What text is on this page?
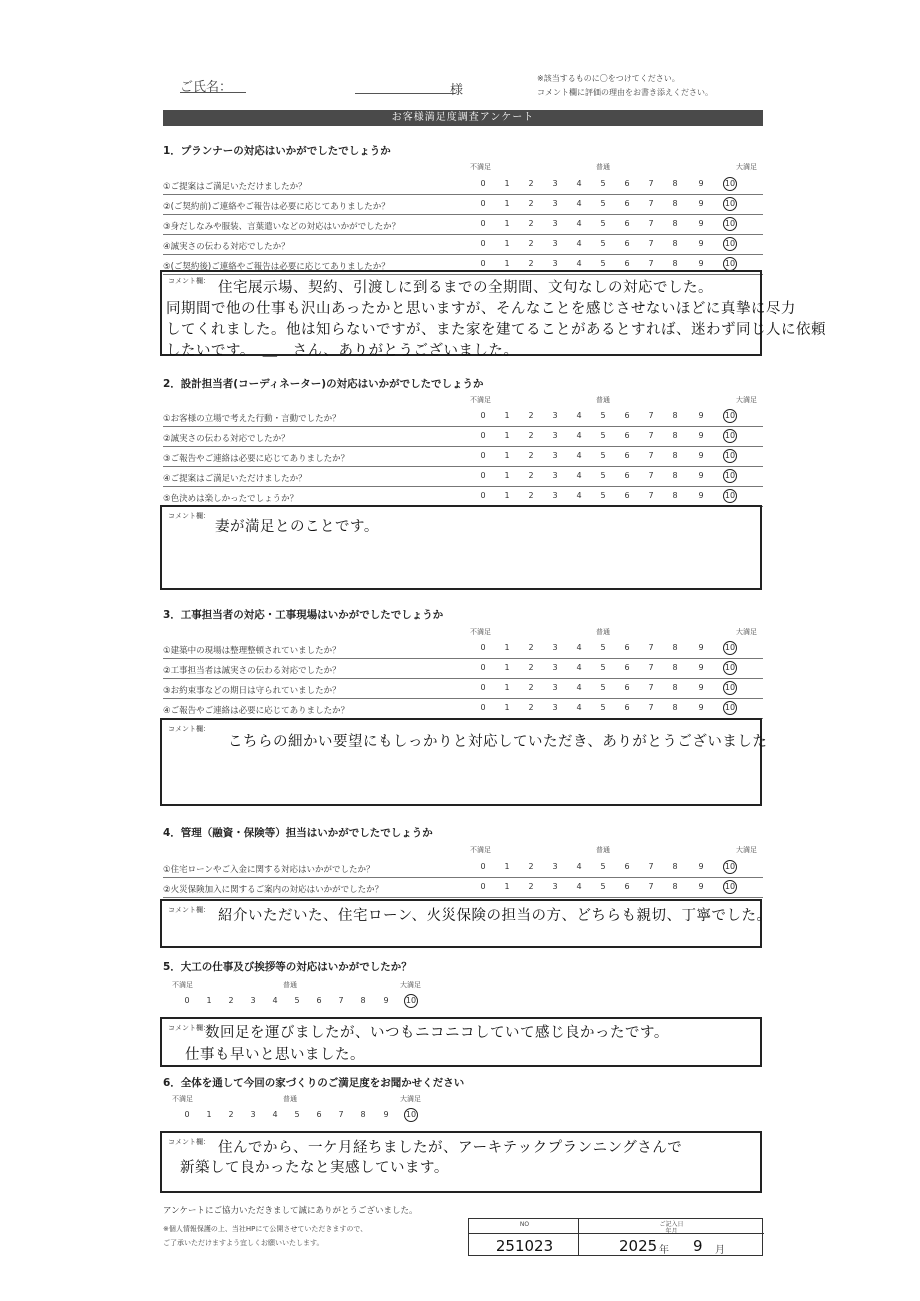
ご氏名：	様
※該当するものに〇をつけてください。
コメント欄に評価の理由をお書き添えください。
お客様満足度調査アンケート
1．プランナーの対応はいかがでしたでしょうか
不満足	普通	大満足
①ご提案はご満足いただけましたか？	0	1	2	3	4	5	6	7	8	9	10
②(ご契約前)ご連絡やご報告は必要に応じてありましたか？	0	1	2	3	4	5	6	7	8	9	10
③身だしなみや服装、言葉遣いなどの対応はいかがでしたか？	0	1	2	3	4	5	6	7	8	9	10
④誠実さの伝わる対応でしたか？	0	1	2	3	4	5	6	7	8	9	10
⑤(ご契約後)ご連絡やご報告は必要に応じてありましたか？	0	1	2	3	4	5	6	7	8	9	10
コメント欄： 住宅展示場、契約、引渡しに到るまでの全期間、文句なしの対応でした。
同期間で他の仕事も沢山あったかと思いますが、そんなことを感じさせないほどに真摯に尽力
してくれました。他は知らないですが、また家を建てることがあるとすれば、迷わず同じ人に依頼
したいです。　＿　さん、ありがとうございました。
2．設計担当者(コーディネーター)の対応はいかがでしたでしょうか
不満足	普通	大満足
①お客様の立場で考えた行動・言動でしたか？	0	1	2	3	4	5	6	7	8	9	10
②誠実さの伝わる対応でしたか？	0	1	2	3	4	5	6	7	8	9	10
③ご報告やご連絡は必要に応じてありましたか？	0	1	2	3	4	5	6	7	8	9	10
④ご提案はご満足いただけましたか？	0	1	2	3	4	5	6	7	8	9	10
⑤色決めは楽しかったでしょうか？	0	1	2	3	4	5	6	7	8	9	10
コメント欄：
妻が満足とのことです。
3．工事担当者の対応・工事現場はいかがでしたでしょうか
不満足	普通	大満足
①建築中の現場は整理整頓されていましたか？	0	1	2	3	4	5	6	7	8	9	10
②工事担当者は誠実さの伝わる対応でしたか？	0	1	2	3	4	5	6	7	8	9	10
③お約束事などの期日は守られていましたか？	0	1	2	3	4	5	6	7	8	9	10
④ご報告やご連絡は必要に応じてありましたか？	0	1	2	3	4	5	6	7	8	9	10
コメント欄：
こちらの細かい要望にもしっかりと対応していただき、ありがとうございました
4．管理（融資・保険等）担当はいかがでしたでしょうか
不満足	普通	大満足
①住宅ローンやご入金に関する対応はいかがでしたか？	0	1	2	3	4	5	6	7	8	9	10
②火災保険加入に関するご案内の対応はいかがでしたか？	0	1	2	3	4	5	6	7	8	9	10
コメント欄： 紹介いただいた、住宅ローン、火災保険の担当の方、どちらも親切、丁寧でした。
5．大工の仕事及び挨拶等の対応はいかがでしたか？
不満足	普通	大満足
0	1	2	3	4	5	6	7	8	9	10
コメント欄：
数回足を運びましたが、いつもニコニコしていて感じ良かったです。
仕事も早いと思いました。
6．全体を通して今回の家づくりのご満足度をお聞かせください
不満足	普通	大満足
0	1	2	3	4	5	6	7	8	9	10
コメント欄： 住んでから、一ケ月経ちましたが、アーキテックプランニングさんで
新築して良かったなと実感しています。
アンケートにご協力いただきまして誠にありがとうございました。
※個人情報保護の上、当社HPにて公開させていただきますので、
ご了承いただけますよう宜しくお願いいたします。
NO
251023
ご記入日
年月
2025 年 9 月
